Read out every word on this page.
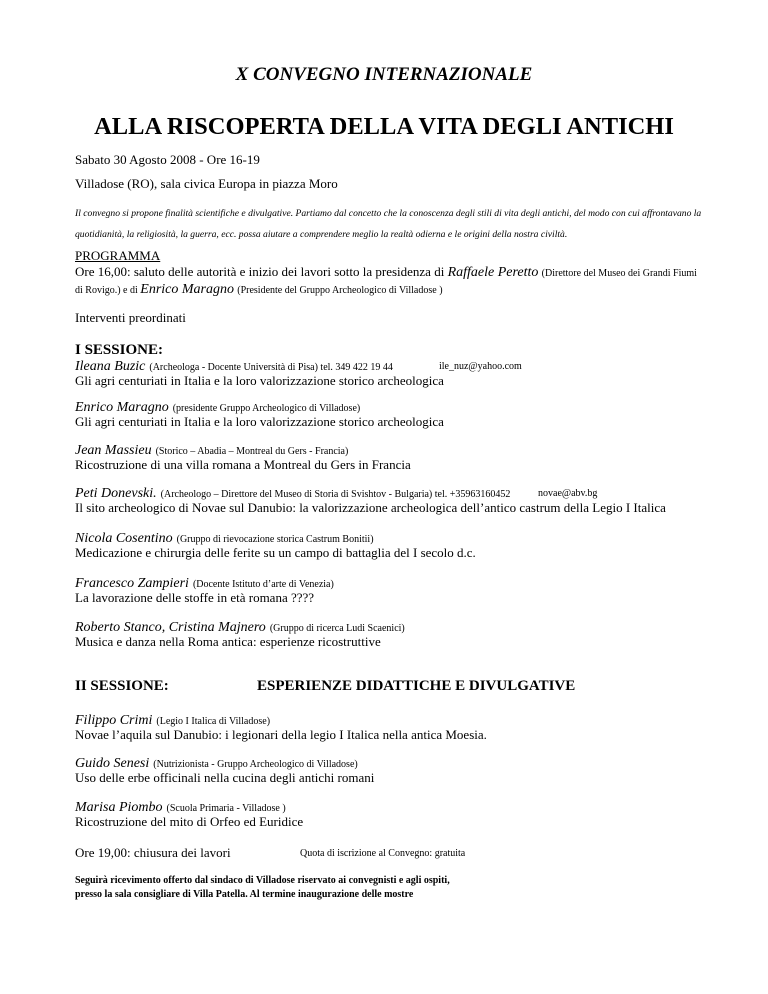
X CONVEGNO INTERNAZIONALE
ALLA RISCOPERTA DELLA VITA DEGLI ANTICHI
Sabato 30 Agosto 2008 - Ore 16-19
Villadose (RO), sala civica Europa in piazza Moro
Il convegno si propone finalità scientifiche e divulgative. Partiamo dal concetto che la conoscenza degli stili di vita degli antichi, del modo con cui affrontavano la quotidianità, la religiosità, la guerra, ecc. possa aiutare a comprendere meglio la realtà odierna e le origini della nostra civiltà.
PROGRAMMA
Ore 16,00: saluto delle autorità e inizio dei lavori sotto la presidenza di Raffaele Peretto (Direttore del Museo dei Grandi Fiumi
di Rovigo.) e di Enrico Maragno (Presidente del Gruppo Archeologico di Villadose )
Interventi preordinati
I SESSIONE:
Ileana Buzic (Archeologa - Docente Università di Pisa) tel. 349 422 19 44	ile_nuz@yahoo.com
Gli agri centuriati in Italia e la loro valorizzazione storico archeologica
Enrico Maragno (presidente Gruppo Archeologico di Villadose)
Gli agri centuriati in Italia e la loro valorizzazione storico archeologica
Jean Massieu (Storico – Abadia – Montreal du Gers - Francia)
Ricostruzione di una villa romana a Montreal du Gers in Francia
Peti Donevski. (Archeologo – Direttore del Museo di Storia di Svishtov - Bulgaria) tel. +35963160452	novae@abv.bg
Il sito archeologico di Novae sul Danubio: la valorizzazione archeologica dell’antico castrum della Legio I Italica
Nicola Cosentino (Gruppo di rievocazione storica Castrum Bonitii)
Medicazione e chirurgia delle ferite su un campo di battaglia del I secolo d.c.
Francesco Zampieri (Docente Istituto d’arte di Venezia)
La lavorazione delle stoffe in età romana ????
Roberto Stanco, Cristina Majnero (Gruppo di ricerca Ludi Scaenici)
Musica e danza nella Roma antica: esperienze ricostruttive
II SESSIONE:	ESPERIENZE DIDATTICHE E DIVULGATIVE
Filippo Crimi (Legio I Italica di Villadose)
Novae l’aquila sul Danubio: i legionari della legio I Italica nella antica Moesia.
Guido Senesi (Nutrizionista - Gruppo Archeologico di Villadose)
Uso delle erbe officinali nella cucina degli antichi romani
Marisa Piombo (Scuola Primaria - Villadose )
Ricostruzione del mito di Orfeo ed Euridice
Ore 19,00: chiusura dei lavori	Quota di iscrizione al Convegno: gratuita
Seguirà ricevimento offerto dal sindaco di Villadose riservato ai convegnisti e agli ospiti,
presso la sala consigliare di Villa Patella. Al termine inaugurazione delle mostre
